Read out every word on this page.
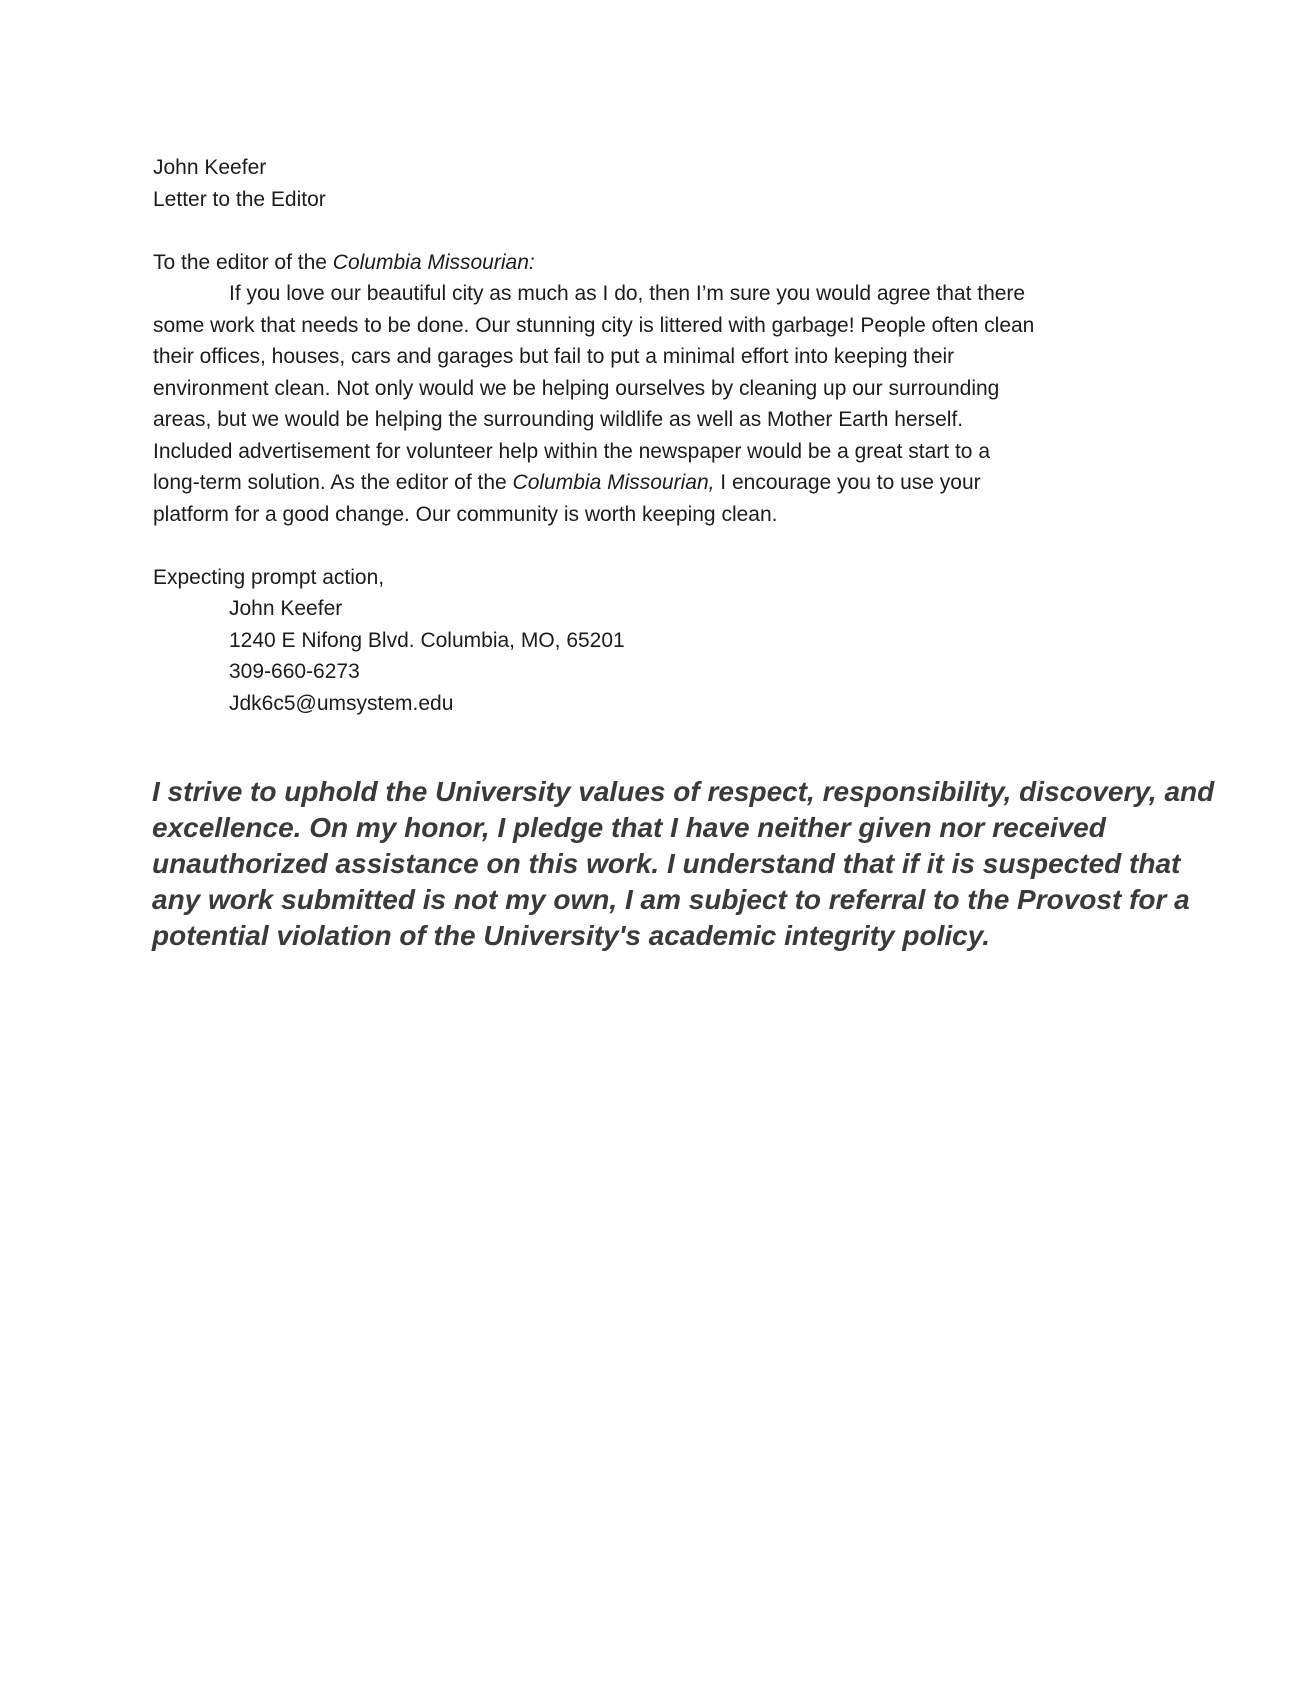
John Keefer
Letter to the Editor
To the editor of the Columbia Missourian:
If you love our beautiful city as much as I do, then I’m sure you would agree that there
some work that needs to be done. Our stunning city is littered with garbage! People often clean
their offices, houses, cars and garages but fail to put a minimal effort into keeping their
environment clean. Not only would we be helping ourselves by cleaning up our surrounding
areas, but we would be helping the surrounding wildlife as well as Mother Earth herself.
Included advertisement for volunteer help within the newspaper would be a great start to a
long-term solution. As the editor of the Columbia Missourian, I encourage you to use your
platform for a good change. Our community is worth keeping clean.
Expecting prompt action,
John Keefer
1240 E Nifong Blvd. Columbia, MO, 65201
309-660-6273
Jdk6c5@umsystem.edu
I strive to uphold the University values of respect, responsibility, discovery, and
excellence. On my honor, I pledge that I have neither given nor received
unauthorized assistance on this work. I understand that if it is suspected that
any work submitted is not my own, I am subject to referral to the Provost for a
potential violation of the University's academic integrity policy.
